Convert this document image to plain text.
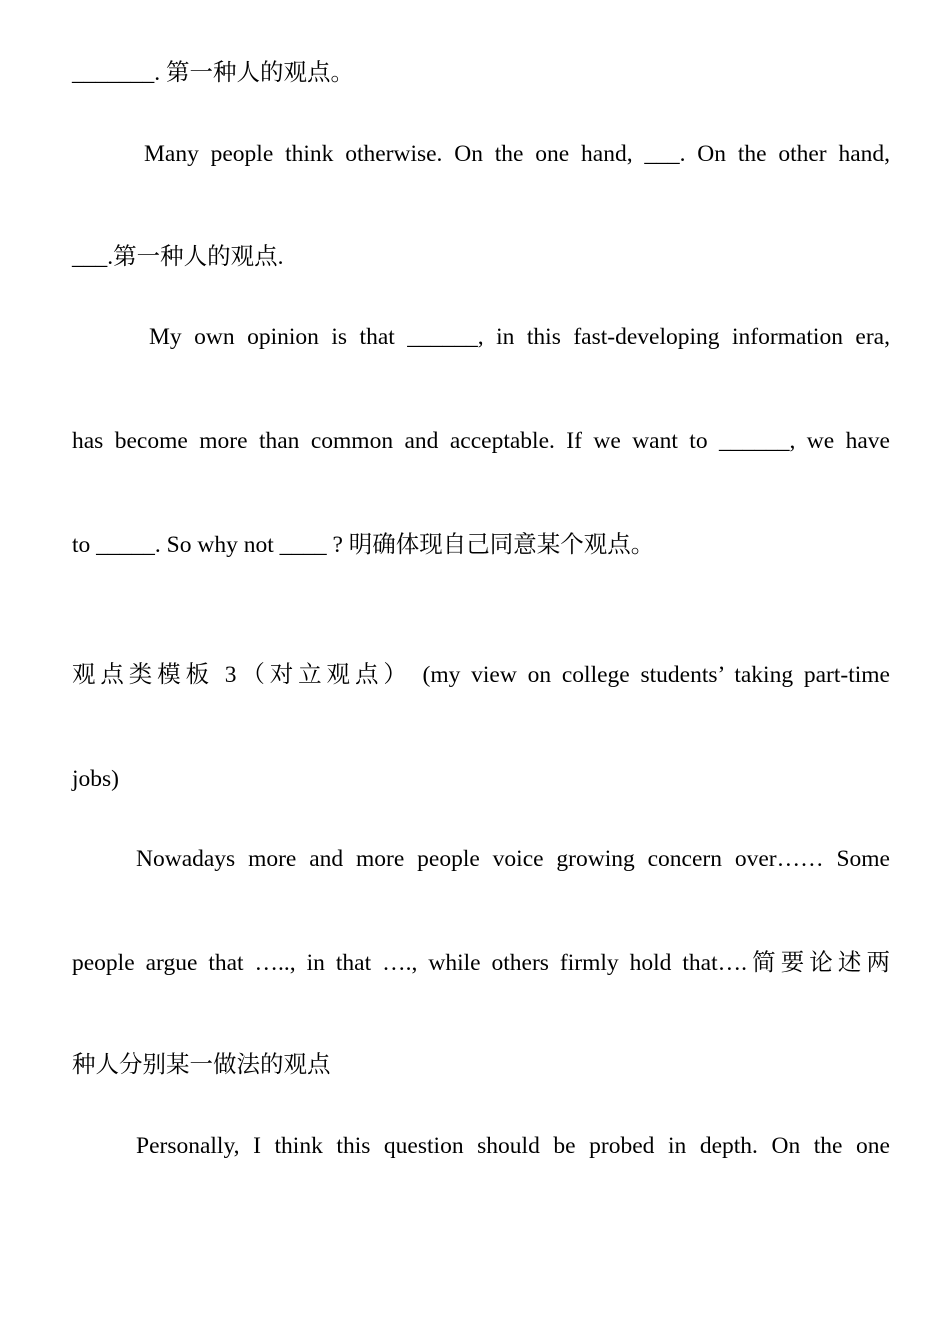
_______. 第一种人的观点。
Many people think otherwise. On the one hand, ___. On the other hand,
___.第一种人的观点.
My own opinion is that ______, in this fast-developing information era,
has become more than common and acceptable. If we want to ______, we have
to _____. So why not ____ ? 明确体现自己同意某个观点。
观点类模板 3（对立观点） (my view on college students’ taking part-time
jobs)
Nowadays more and more people voice growing concern over…… Some
people argue that ….., in that …., while others firmly hold that….简要论述两
种人分别某一做法的观点
Personally, I think this question should be probed in depth. On the one
